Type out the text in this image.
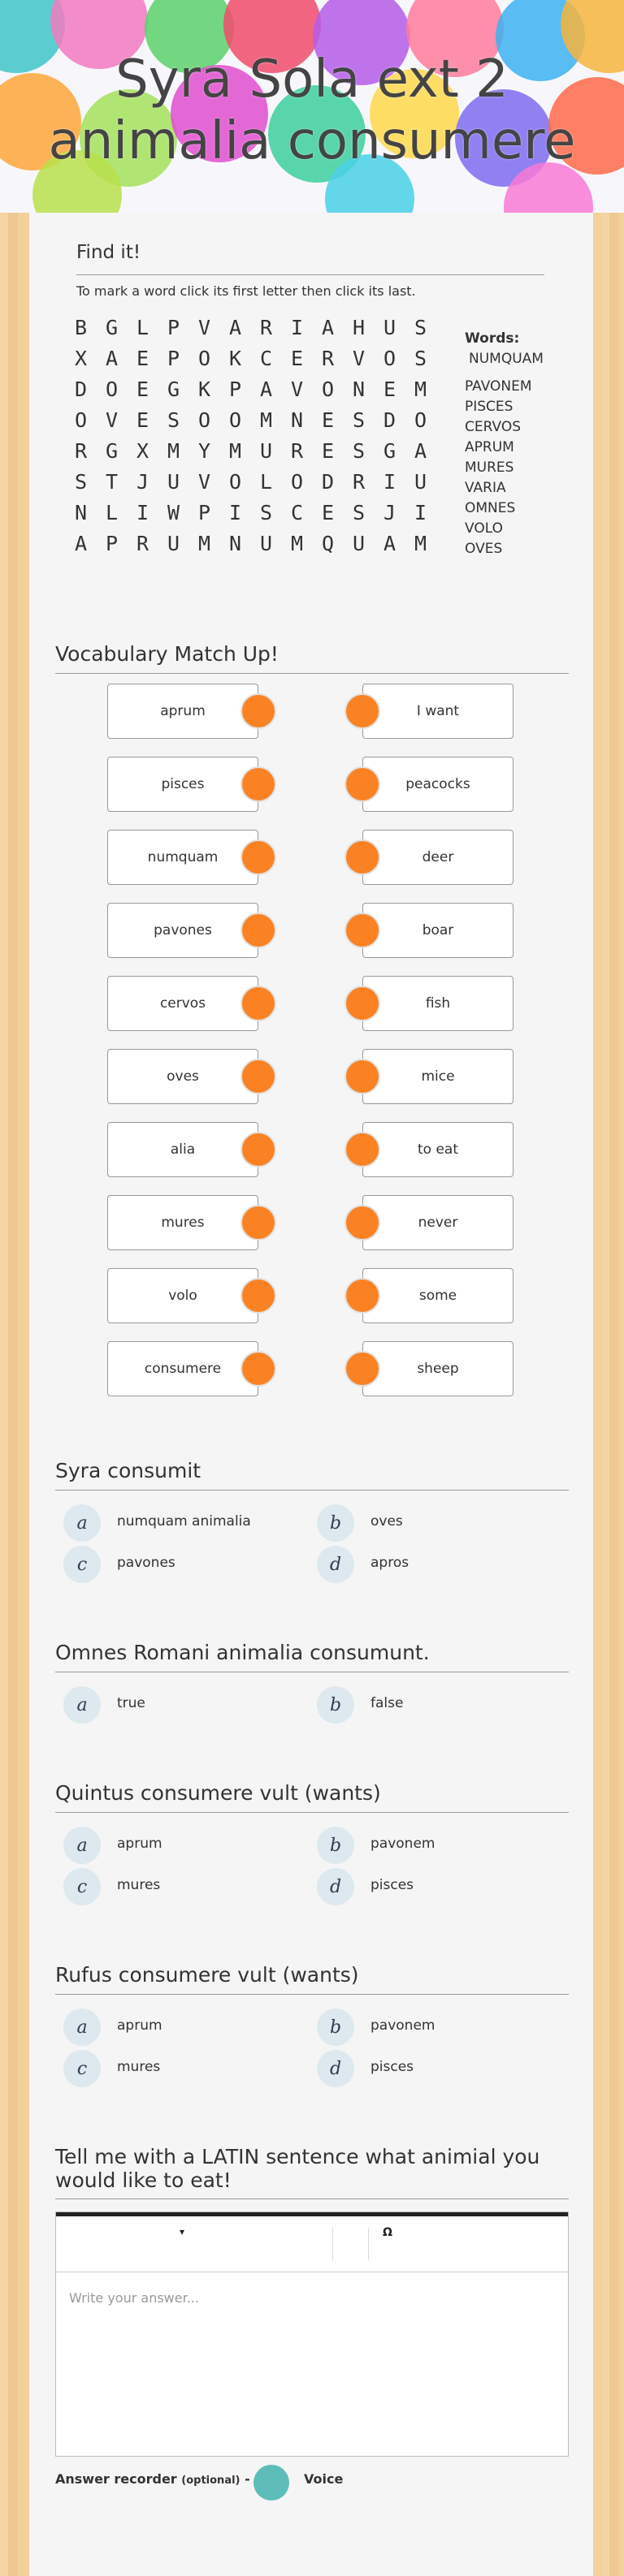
Syra Sola ext 2 animalia consumere
Find it!
To mark a word click its first letter then click its last.
B G L P V A R I A H U S
X A E P O K C E R V O S
D O E G K P A V O N E M
O V E S O O M N E S D O
R G X M Y M U R E S G A
S T J U V O L O D R I U
N L I W P I S C E S J I
A P R U M N U M Q U A M
Words:
NUMQUAM
PAVONEM
PISCES
CERVOS
APRUM
MURES
VARIA
OMNES
VOLO
OVES
Vocabulary Match Up!
aprum	I want
pisces	peacocks
numquam	deer
pavones	boar
cervos	fish
oves	mice
alia	to eat
mures	never
volo	some
consumere	sheep
Syra consumit
a	numquam animalia	b	oves
c	pavones	d	apros
Omnes Romani animalia consumunt.
a	true	b	false
Quintus consumere vult (wants)
a	aprum	b	pavonem
c	mures	d	pisces
Rufus consumere vult (wants)
a	aprum	b	pavonem
c	mures	d	pisces
Tell me with a LATIN sentence what animial you would like to eat!
▾	Ω
Write your answer...
Answer recorder (optional) -	Voice
